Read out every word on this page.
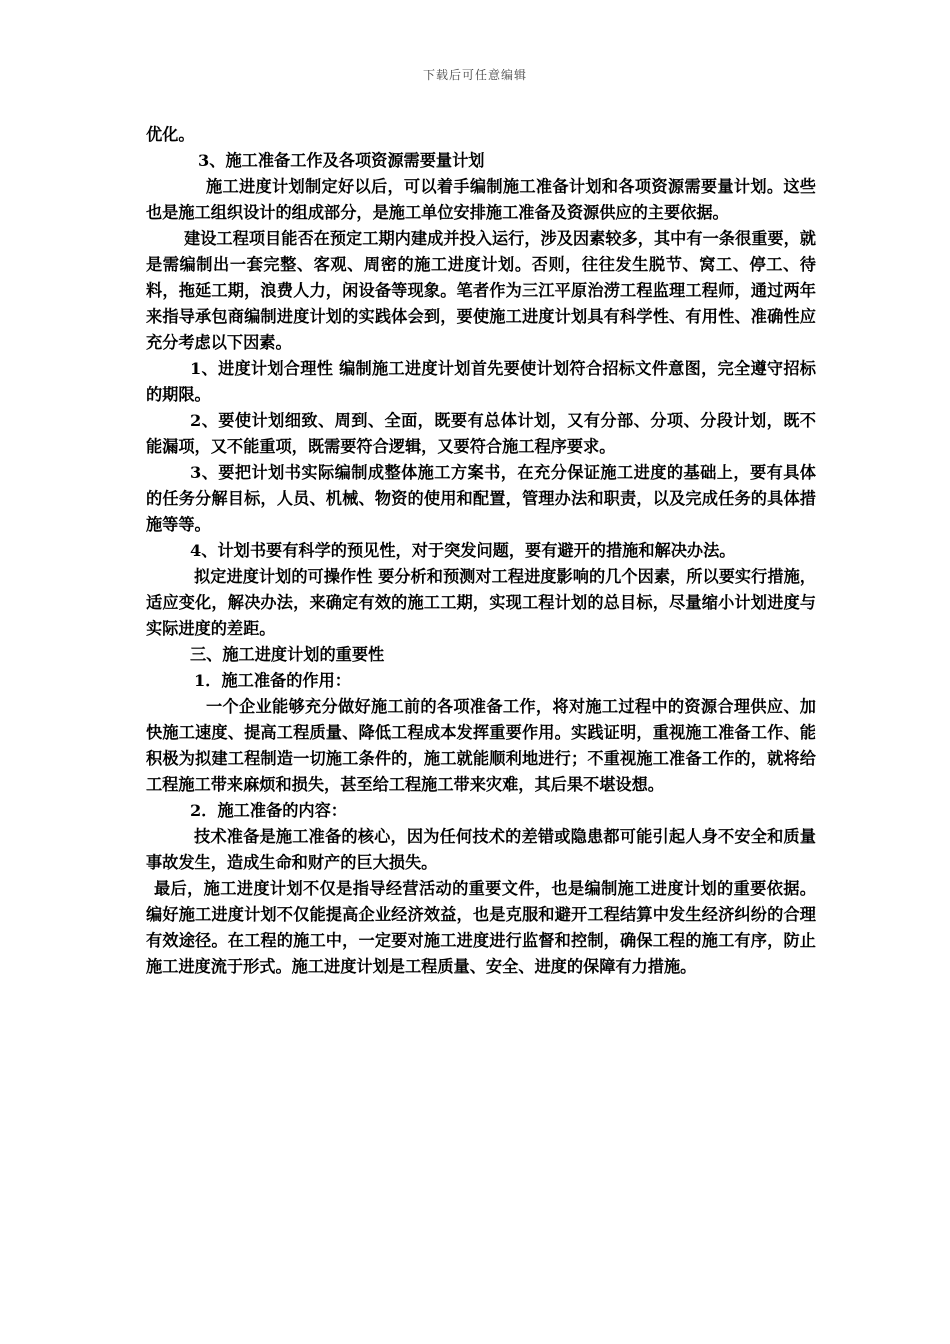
下载后可任意编辑

优化。

3、施工准备工作及各项资源需要量计划

施工进度计划制定好以后，可以着手编制施工准备计划和各项资源需要量计划。这些也是施工组织设计的组成部分，是施工单位安排施工准备及资源供应的主要依据。

建设工程项目能否在预定工期内建成并投入运行，涉及因素较多，其中有一条很重要，就是需编制出一套完整、客观、周密的施工进度计划。否则，往往发生脱节、窝工、停工、待料，拖延工期，浪费人力，闲设备等现象。笔者作为三江平原治涝工程监理工程师，通过两年来指导承包商编制进度计划的实践体会到，要使施工进度计划具有科学性、有用性、准确性应充分考虑以下因素。

1、进度计划合理性 编制施工进度计划首先要使计划符合招标文件意图，完全遵守招标的期限。

2、要使计划细致、周到、全面，既要有总体计划，又有分部、分项、分段计划，既不能漏项，又不能重项，既需要符合逻辑，又要符合施工程序要求。

3、要把计划书实际编制成整体施工方案书，在充分保证施工进度的基础上，要有具体的任务分解目标，人员、机械、物资的使用和配置，管理办法和职责，以及完成任务的具体措施等等。

4、计划书要有科学的预见性，对于突发问题，要有避开的措施和解决办法。

拟定进度计划的可操作性 要分析和预测对工程进度影响的几个因素，所以要实行措施，适应变化，解决办法，来确定有效的施工工期，实现工程计划的总目标，尽量缩小计划进度与实际进度的差距。

三、施工进度计划的重要性

1．施工准备的作用：

一个企业能够充分做好施工前的各项准备工作，将对施工过程中的资源合理供应、加快施工速度、提高工程质量、降低工程成本发挥重要作用。实践证明，重视施工准备工作、能积极为拟建工程制造一切施工条件的，施工就能顺利地进行；不重视施工准备工作的，就将给工程施工带来麻烦和损失，甚至给工程施工带来灾难，其后果不堪设想。

2．施工准备的内容：

技术准备是施工准备的核心，因为任何技术的差错或隐患都可能引起人身不安全和质量事故发生，造成生命和财产的巨大损失。

最后，施工进度计划不仅是指导经营活动的重要文件，也是编制施工进度计划的重要依据。编好施工进度计划不仅能提高企业经济效益，也是克服和避开工程结算中发生经济纠纷的合理有效途径。在工程的施工中，一定要对施工进度进行监督和控制，确保工程的施工有序，防止施工进度流于形式。施工进度计划是工程质量、安全、进度的保障有力措施。
